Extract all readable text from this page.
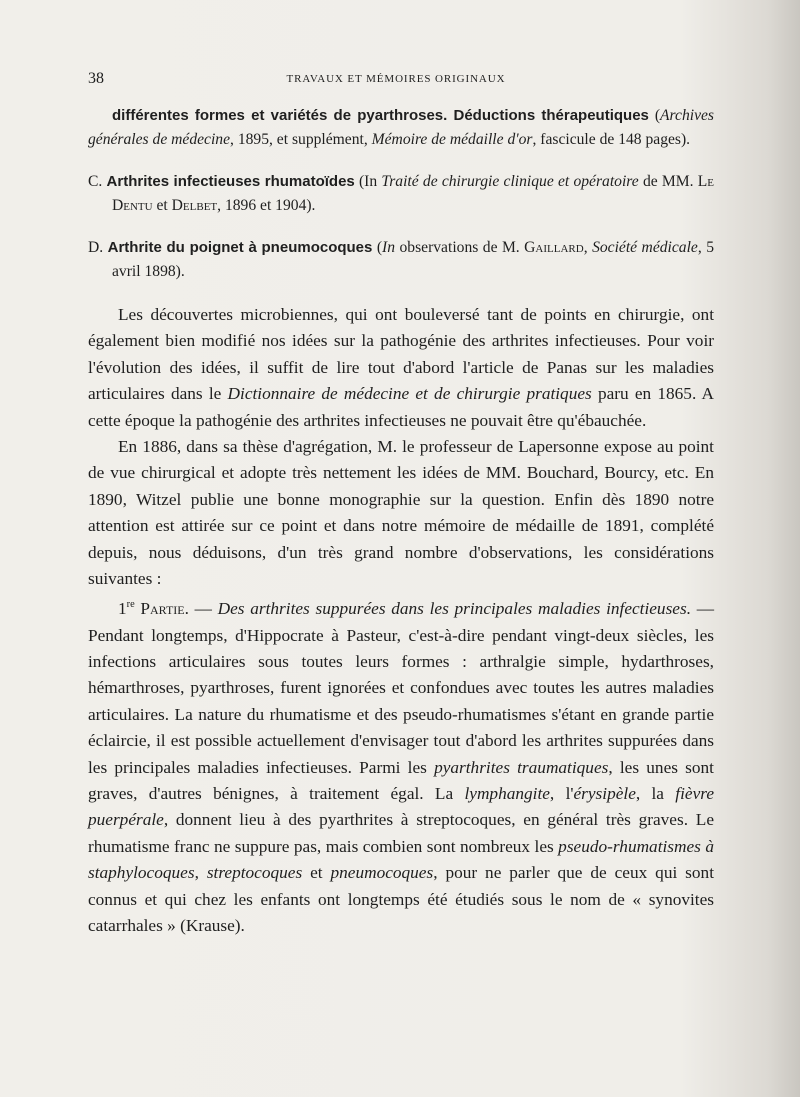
38	TRAVAUX ET MÉMOIRES ORIGINAUX

différentes formes et variétés de pyarthroses. Déductions thérapeutiques (Archives générales de médecine, 1895, et supplément, Mémoire de médaille d'or, fascicule de 148 pages).

C. Arthrites infectieuses rhumatoïdes (In Traité de chirurgie clinique et opératoire de MM. Le Dentu et Delbet, 1896 et 1904).

D. Arthrite du poignet à pneumocoques (In observations de M. Gaillard, Société médicale, 5 avril 1898).

Les découvertes microbiennes, qui ont bouleversé tant de points en chirurgie, ont également bien modifié nos idées sur la pathogénie des arthrites infectieuses. Pour voir l'évolution des idées, il suffit de lire tout d'abord l'article de Panas sur les maladies articulaires dans le Dictionnaire de médecine et de chirurgie pratiques paru en 1865. A cette époque la pathogénie des arthrites infectieuses ne pouvait être qu'ébauchée.

En 1886, dans sa thèse d'agrégation, M. le professeur de Lapersonne expose au point de vue chirurgical et adopte très nettement les idées de MM. Bouchard, Bourcy, etc. En 1890, Witzel publie une bonne monographie sur la question. Enfin dès 1890 notre attention est attirée sur ce point et dans notre mémoire de médaille de 1891, complété depuis, nous déduisons, d'un très grand nombre d'observations, les considérations suivantes :

1re Partie. — Des arthrites suppurées dans les principales maladies infectieuses. — Pendant longtemps, d'Hippocrate à Pasteur, c'est-à-dire pendant vingt-deux siècles, les infections articulaires sous toutes leurs formes : arthralgie simple, hydarthroses, hémarthroses, pyarthroses, furent ignorées et confondues avec toutes les autres maladies articulaires. La nature du rhumatisme et des pseudo-rhumatismes s'étant en grande partie éclaircie, il est possible actuellement d'envisager tout d'abord les arthrites suppurées dans les principales maladies infectieuses. Parmi les pyarthrites traumatiques, les unes sont graves, d'autres bénignes, à traitement égal. La lymphangite, l'érysipèle, la fièvre puerpérale, donnent lieu à des pyarthrites à streptocoques, en général très graves. Le rhumatisme franc ne suppure pas, mais combien sont nombreux les pseudo-rhumatismes à staphylocoques, streptocoques et pneumocoques, pour ne parler que de ceux qui sont connus et qui chez les enfants ont longtemps été étudiés sous le nom de « synovites catarrhales » (Krause).
